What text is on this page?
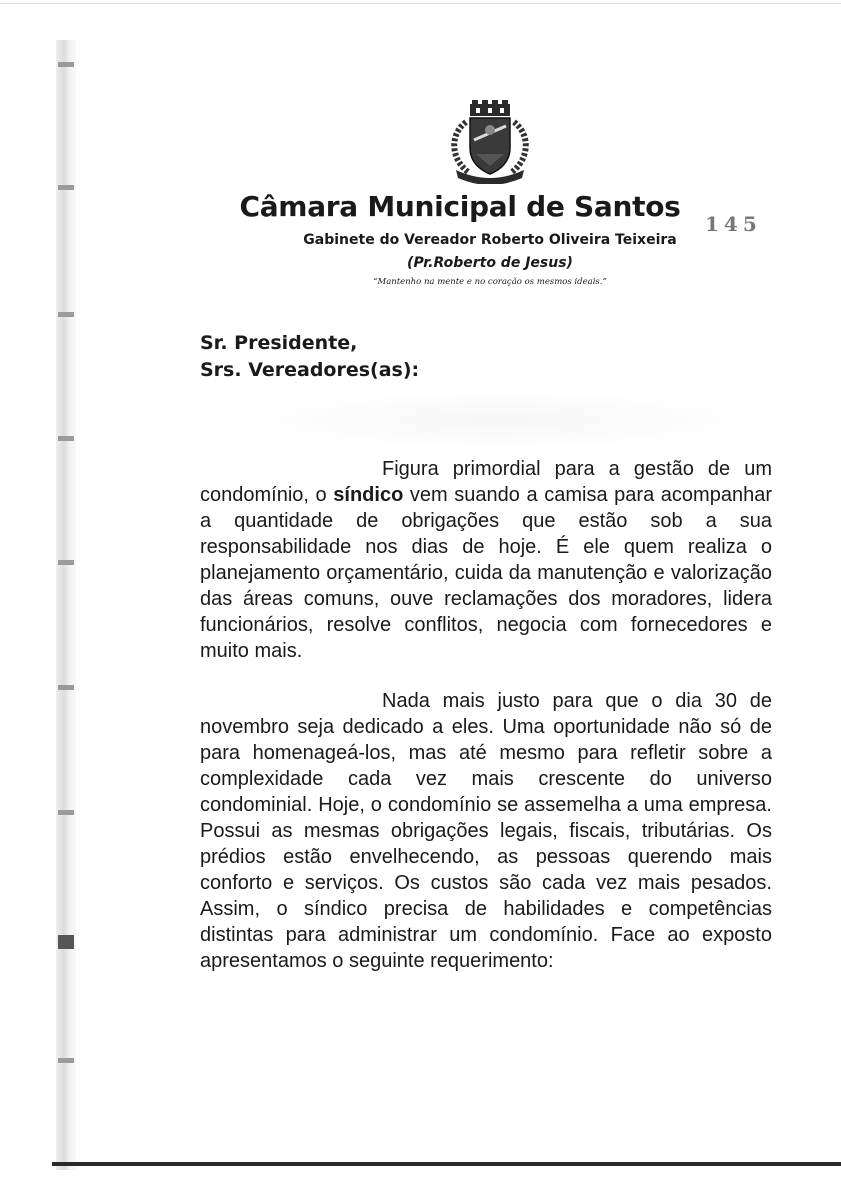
Câmara Municipal de Santos
145
Gabinete do Vereador Roberto Oliveira Teixeira
(Pr.Roberto de Jesus)
“Mantenho na mente e no coração os mesmos ideais.”
Sr. Presidente,
Srs. Vereadores(as):

Figura primordial para a gestão de um condomínio, o síndico vem suando a camisa para acompanhar a quantidade de obrigações que estão sob a sua responsabilidade nos dias de hoje. É ele quem realiza o planejamento orçamentário, cuida da manutenção e valorização das áreas comuns, ouve reclamações dos moradores, lidera funcionários, resolve conflitos, negocia com fornecedores e muito mais.

Nada mais justo para que o dia 30 de novembro seja dedicado a eles. Uma oportunidade não só de para homenageá-los, mas até mesmo para refletir sobre a complexidade cada vez mais crescente do universo condominial. Hoje, o condomínio se assemelha a uma empresa. Possui as mesmas obrigações legais, fiscais, tributárias. Os prédios estão envelhecendo, as pessoas querendo mais conforto e serviços. Os custos são cada vez mais pesados. Assim, o síndico precisa de habilidades e competências distintas para administrar um condomínio. Face ao exposto apresentamos o seguinte requerimento:
